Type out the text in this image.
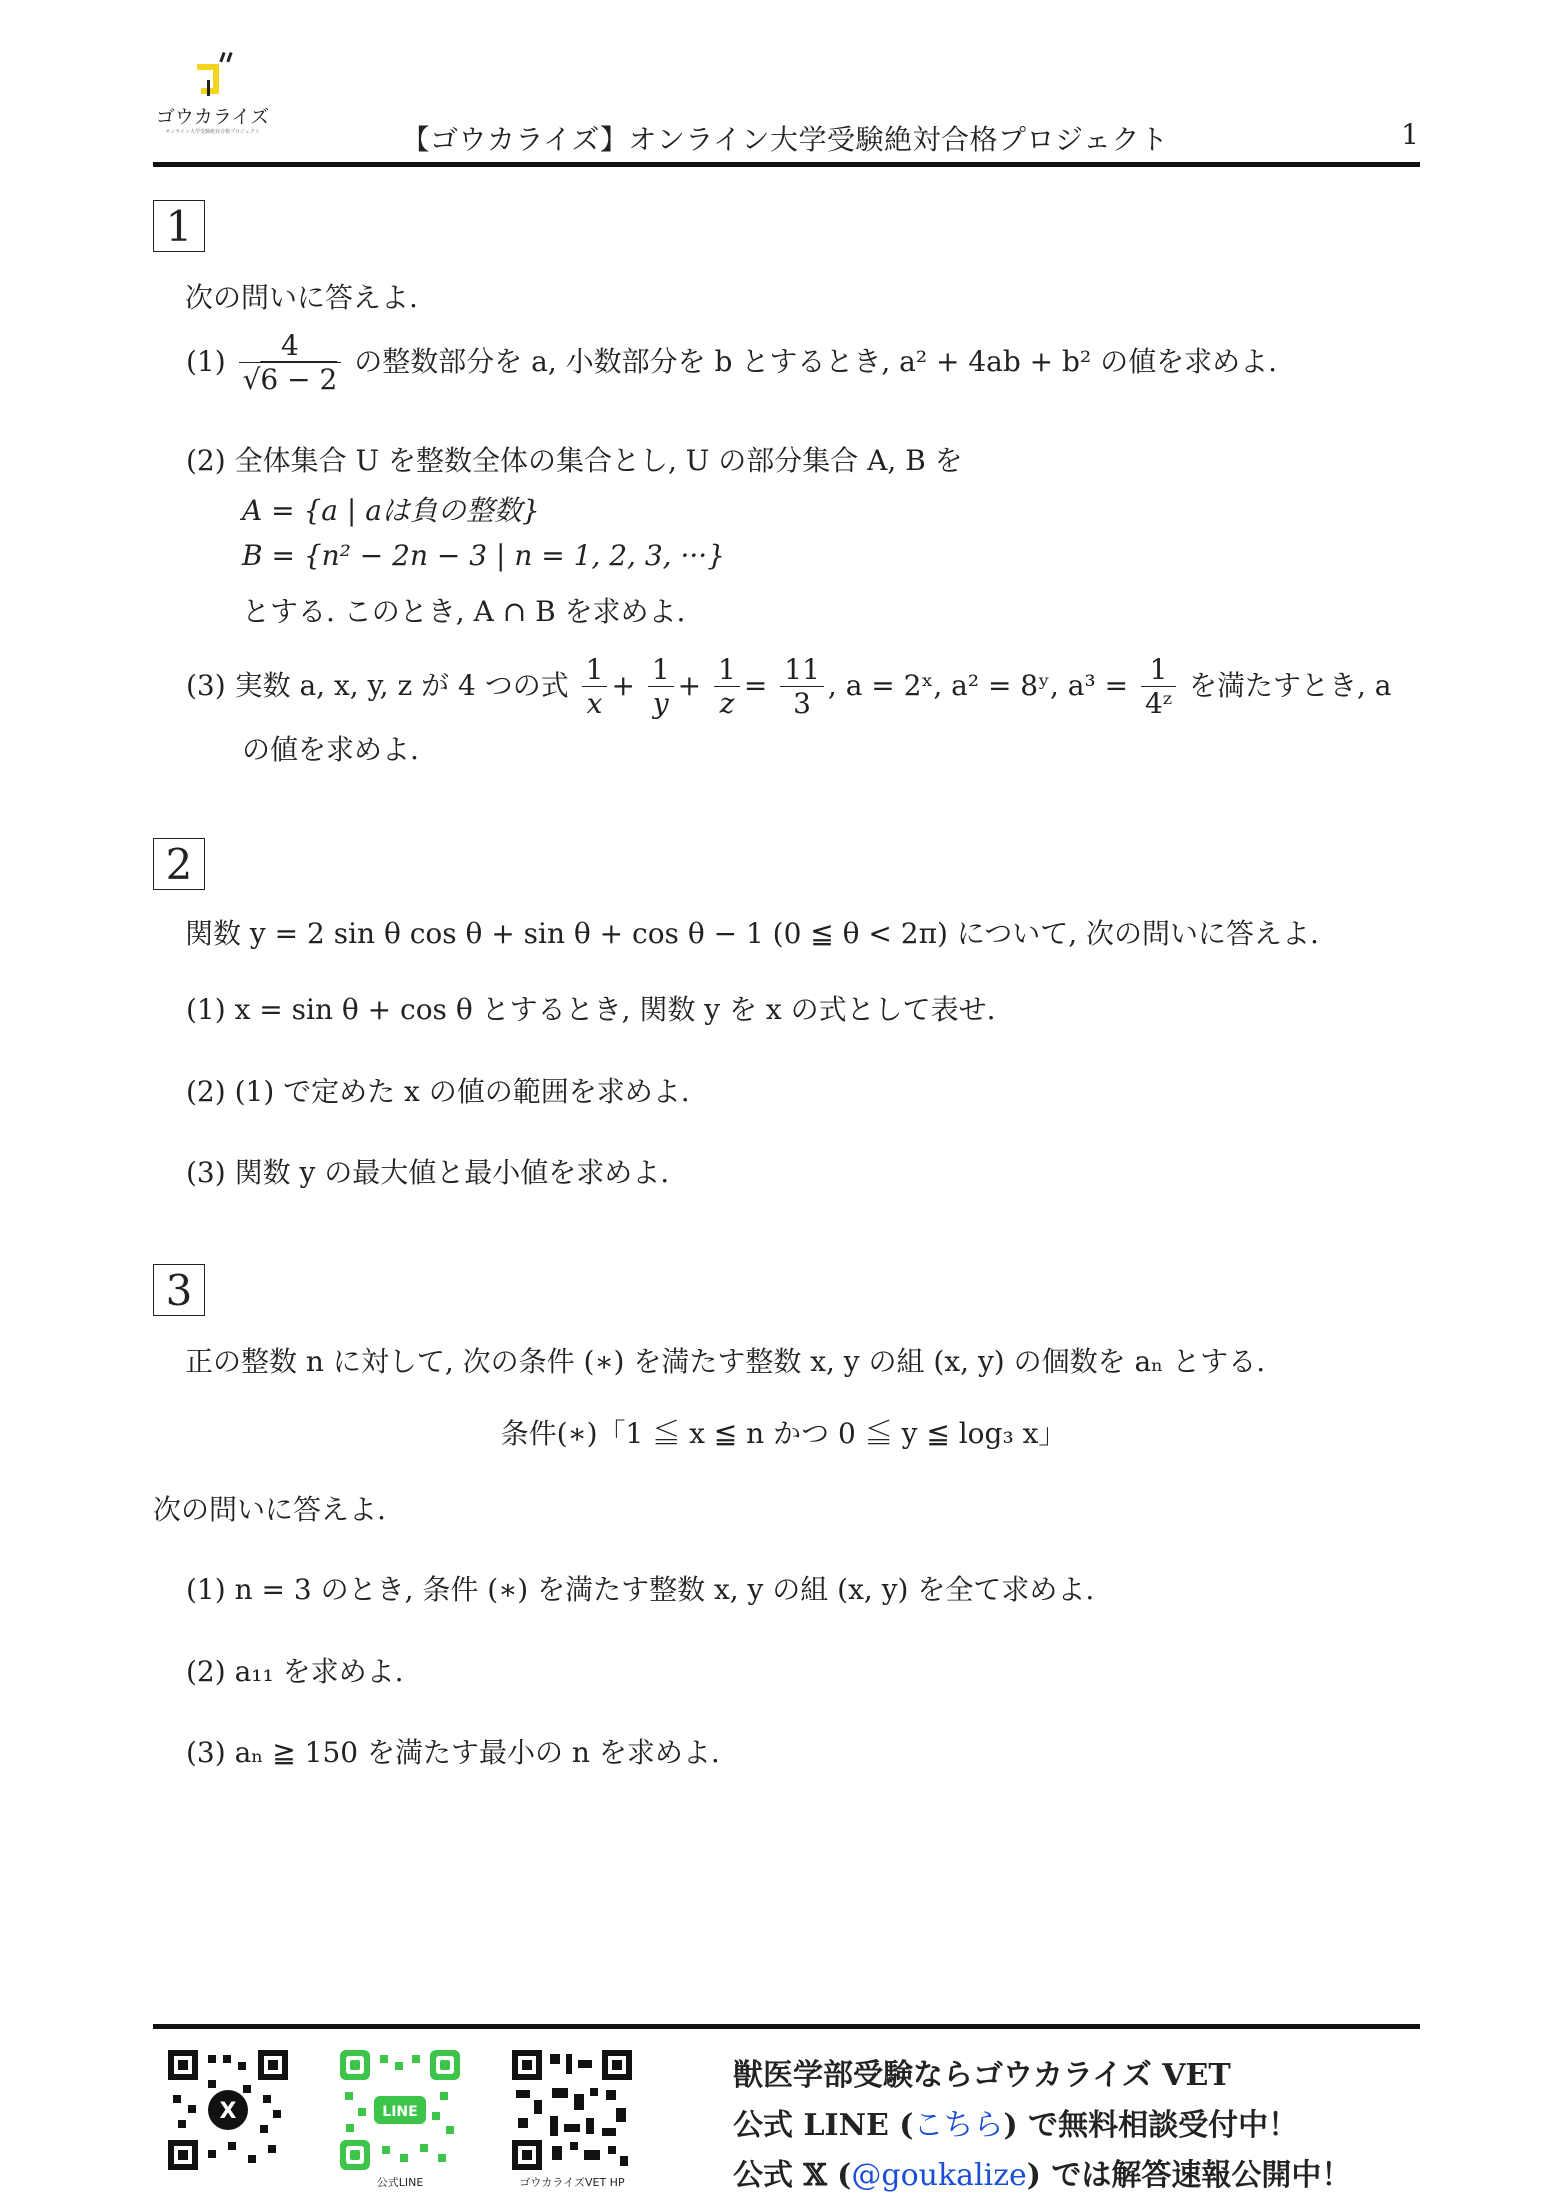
ゴウカライズ
オンライン大学受験絶対合格プロジェクト	【ゴウカライズ】オンライン大学受験絶対合格プロジェクト	1
1
次の問いに答えよ.
$(1) \frac{4}{√6 - 2}$ の整数部分を a, 小数部分を b とするとき, a² + 4ab + b² の値を求めよ.
(2) 全体集合 U を整数全体の集合とし, U の部分集合 A, B を
A = {a | aは負の整数}
B = {n² − 2n − 3 | n = 1, 2, 3, ···}
とする. このとき, A ∩ B を求めよ.
(3) 実数 a, x, y, z が 4 つの式 $\frac{1}{x} + \frac{1}{y} + \frac{1}{z} = \frac{11}{3}$ , a = 2ˣ, a² = 8ʸ, $a^3 = \frac{1}{\text{4ᶻ}}$ を満たすとき, a
の値を求めよ.
2
関数 y = 2 sin θ cos θ + sin θ + cos θ − 1 (0 ≦ θ < 2π) について, 次の問いに答えよ.
(1) x = sin θ + cos θ とするとき, 関数 y を x の式として表せ.
(2) (1) で定めた x の値の範囲を求めよ.
(3) 関数 y の最大値と最小値を求めよ.
3
正の整数 n に対して, 次の条件 (∗) を満たす整数 x, y の組 (x, y) の個数を aₙ とする.
条件(∗)「1 ≦ x ≦ n かつ 0 ≦ y ≦ log₃ x」
次の問いに答えよ.
(1) n = 3 のとき, 条件 (∗) を満たす整数 x, y の組 (x, y) を全て求めよ.
(2) a₁₁ を求めよ.
(3) aₙ ≧ 150 を満たす最小の n を求めよ.
X	LINE
公式LINE	ゴウカライズVET HP
獣医学部受験ならゴウカライズ VET
公式 LINE (こちら) で無料相談受付中！
公式 𝕏 (@goukalize) では解答速報公開中！
